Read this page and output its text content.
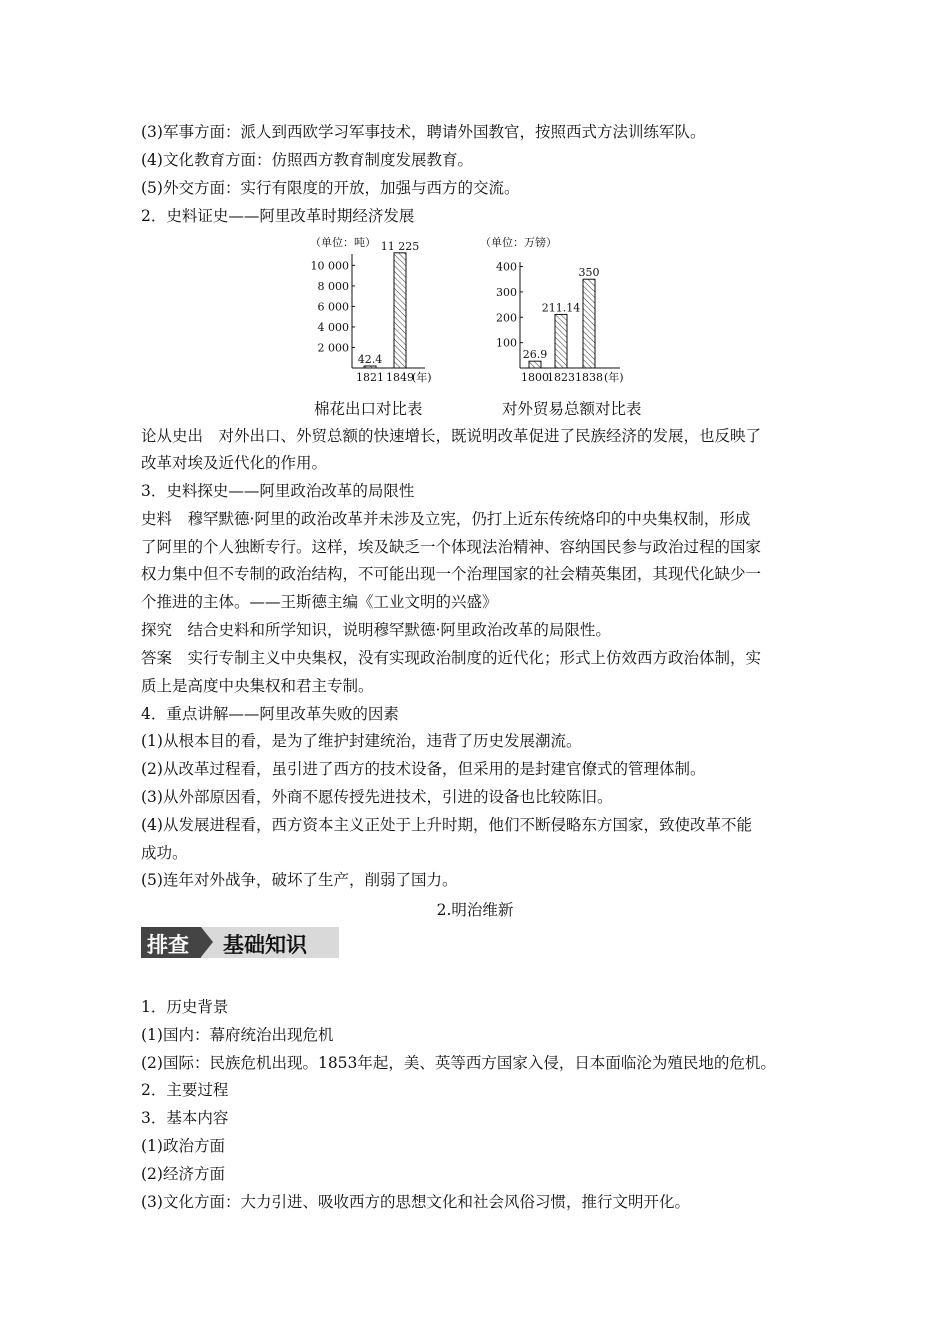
(3)军事方面：派人到西欧学习军事技术，聘请外国教官，按照西式方法训练军队。
(4)文化教育方面：仿照西方教育制度发展教育。
(5)外交方面：实行有限度的开放，加强与西方的交流。
2．史料证史——阿里改革时期经济发展
（单位：吨）
2 000
4 000
6 000
8 000
10 000
42.4
1821
11 225
1849
(年)
（单位：万镑）
100
200
300
400
26.9
1800
211.14
1823
350
1838 (年)
棉花出口对比表	对外贸易总额对比表
论从史出　对外出口、外贸总额的快速增长，既说明改革促进了民族经济的发展，也反映了
改革对埃及近代化的作用。
3．史料探史——阿里政治改革的局限性
史料　穆罕默德·阿里的政治改革并未涉及立宪，仍打上近东传统烙印的中央集权制，形成
了阿里的个人独断专行。这样，埃及缺乏一个体现法治精神、容纳国民参与政治过程的国家
权力集中但不专制的政治结构，不可能出现一个治理国家的社会精英集团，其现代化缺少一
个推进的主体。——王斯德主编《工业文明的兴盛》
探究　结合史料和所学知识，说明穆罕默德·阿里政治改革的局限性。
答案　实行专制主义中央集权，没有实现政治制度的近代化；形式上仿效西方政治体制，实
质上是高度中央集权和君主专制。
4．重点讲解——阿里改革失败的因素
(1)从根本目的看，是为了维护封建统治，违背了历史发展潮流。
(2)从改革过程看，虽引进了西方的技术设备，但采用的是封建官僚式的管理体制。
(3)从外部原因看，外商不愿传授先进技术，引进的设备也比较陈旧。
(4)从发展进程看，西方资本主义正处于上升时期，他们不断侵略东方国家，致使改革不能
成功。
(5)连年对外战争，破坏了生产，削弱了国力。
2.明治维新
排查 基础知识
1．历史背景
(1)国内：幕府统治出现危机
(2)国际：民族危机出现。1853年起，美、英等西方国家入侵，日本面临沦为殖民地的危机。
2．主要过程
3．基本内容
(1)政治方面
(2)经济方面
(3)文化方面：大力引进、吸收西方的思想文化和社会风俗习惯，推行文明开化。
